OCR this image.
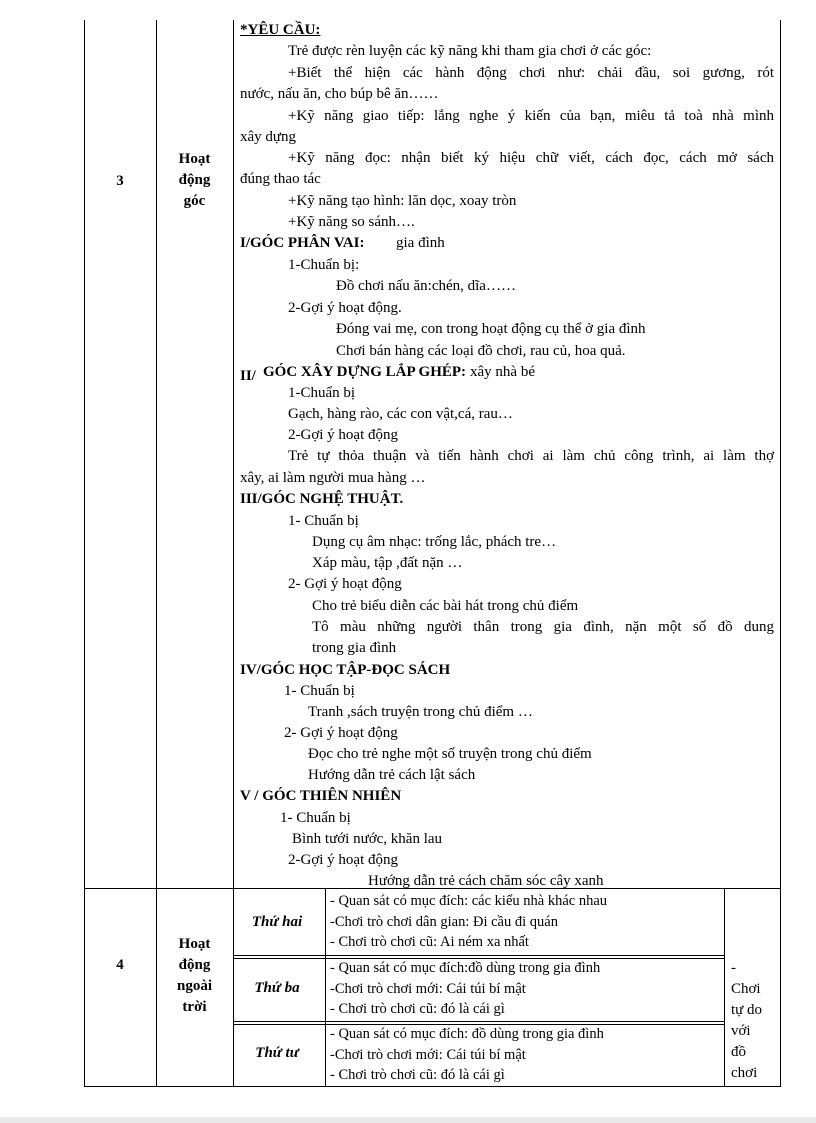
3
Hoạt
động
góc
*YÊU CẦU:
Trẻ được rèn luyện các kỹ năng khi tham gia chơi ở các góc:
+Biết thể hiện các hành động chơi như: chải đầu, soi gương, rót
nước, nấu ăn, cho búp bê ăn……
+Kỹ năng giao tiếp: lắng nghe ý kiến của bạn, miêu tả toà nhà mình
xây dựng
+Kỹ năng đọc: nhận biết ký hiệu chữ viết, cách đọc, cách mở sách
đúng thao tác
+Kỹ năng tạo hình: lăn dọc, xoay tròn
+Kỹ năng so sánh….
I/GÓC PHÂN VAI: gia đình
1-Chuẩn bị:
Đồ chơi nấu ăn:chén, dĩa……
2-Gợi ý hoạt động.
Đóng vai mẹ, con trong hoạt động cụ thể ở gia đình
Chơi bán hàng các loại đồ chơi, rau củ, hoa quả.
II/ GÓC XÂY DỰNG LẮP GHÉP: xây nhà bé
1-Chuẩn bị
Gạch, hàng rào, các con vật,cá, rau…
2-Gợi ý hoạt động
Trẻ tự thỏa thuận và tiến hành chơi ai làm chủ công trình, ai làm thợ
xây, ai làm người mua hàng …
III/GÓC NGHỆ THUẬT.
1- Chuẩn bị
Dụng cụ âm nhạc: trống lắc, phách tre…
Xáp màu, tập ,đất nặn …
2- Gợi ý hoạt động
Cho trẻ biểu diễn các bài hát trong chủ điểm
Tô màu những người thân trong gia đình, nặn một số đồ dung
trong gia đình
IV/GÓC HỌC TẬP-ĐỌC SÁCH
1- Chuẩn bị
Tranh ,sách truyện trong chủ điểm …
2- Gợi ý hoạt động
Đọc cho trẻ nghe một số truyện trong chủ điểm
Hướng dẫn trẻ cách lật sách
V / GÓC THIÊN NHIÊN
1- Chuẩn bị
Bình tưới nước, khăn lau
2-Gợi ý hoạt động
Hướng dẫn trẻ cách chăm sóc cây xanh
4
Hoạt
động
ngoài
trời
Thứ hai
Thứ ba
Thứ tư
- Quan sát có mục đích: các kiểu nhà khác nhau
-Chơi trò chơi dân gian: Đi cầu đi quán
- Chơi trò chơi cũ: Ai ném xa nhất
- Quan sát có mục đích:đồ dùng trong gia đình
-Chơi trò chơi mới: Cái túi bí mật
- Chơi trò chơi cũ: đó là cái gì
- Quan sát có mục đích: đồ dùng trong gia đình
-Chơi trò chơi mới: Cái túi bí mật
- Chơi trò chơi cũ: đó là cái gì
-
Chơi
tự do
với
đồ
chơi
